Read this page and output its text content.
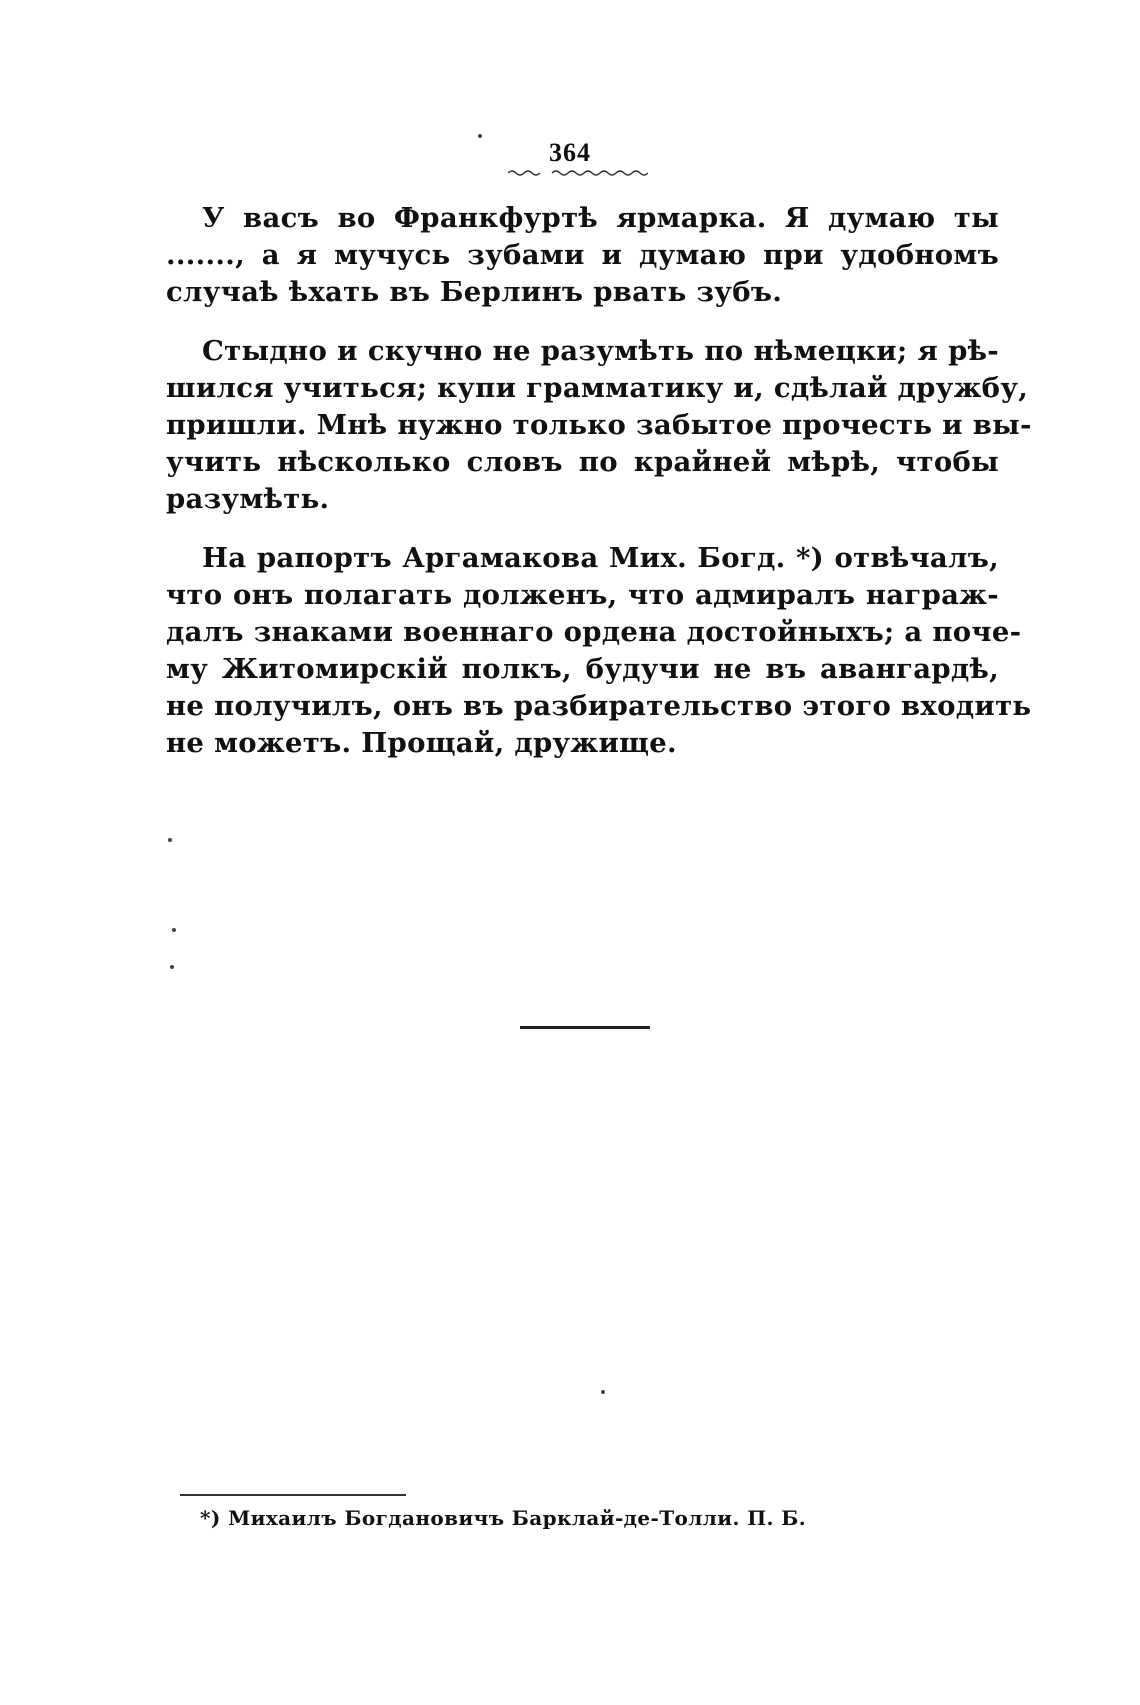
364
У васъ во Франкфуртѣ ярмарка. Я думаю ты
......., а я мучусь зубами и думаю при удобномъ
случаѣ ѣхать въ Берлинъ рвать зубъ.
Стыдно и скучно не разумѣть по нѣмецки; я рѣ-
шился учиться; купи грамматику и, сдѣлай дружбу,
пришли. Мнѣ нужно только забытое прочесть и вы-
учить нѣсколько словъ по крайней мѣрѣ, чтобы
разумѣть.
На рапортъ Аргамакова Мих. Богд. *) отвѣчалъ,
что онъ полагать долженъ, что адмиралъ награж-
далъ знаками военнаго ордена достойныхъ; а поче-
му Житомирскій полкъ, будучи не въ авангардѣ,
не получилъ, онъ въ разбирательство этого входить
не можетъ. Прощай, дружище.
*) Михаилъ Богдановичъ Барклай-де-Толли. П. Б.
